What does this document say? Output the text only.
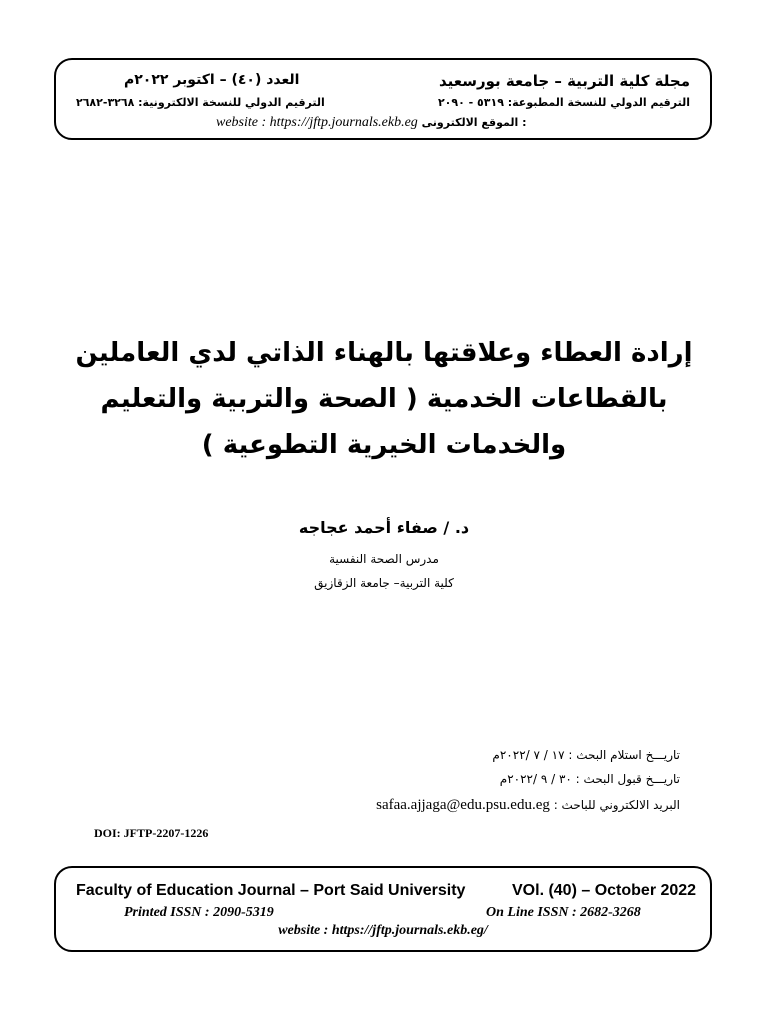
مجلة كلية التربية – جامعة بورسعيد
العدد (٤٠) – اكتوبر ٢٠٢٢م
الترقيم الدولي للنسخة المطبوعة: ٥٣١٩ - ٢٠٩٠
الترقيم الدولي للنسخة الالكترونية: ٣٢٦٨-٢٦٨٢
website : https://jftp.journals.ekb.eg الموقع الالكترونى :
إرادة العطاء وعلاقتها بالهناء الذاتي لدي العاملين
بالقطاعات الخدمية ( الصحة والتربية والتعليم
والخدمات الخيرية التطوعية )
د. / صفاء أحمد عجاجه
مدرس الصحة النفسية
كلية التربية– جامعة الزقازيق
تاريـــخ استلام البحث : ١٧ / ٧ /٢٠٢٢م
تاريـــخ قبول البحث : ٣٠ / ٩ /٢٠٢٢م
البريد الالكتروني للباحث : safaa.ajjaga@edu.psu.edu.eg
DOI: JFTP-2207-1226
Faculty of Education Journal – Port Said University	VOl. (40) – October 2022
Printed ISSN : 2090-5319	On Line ISSN : 2682-3268
website : https://jftp.journals.ekb.eg/
